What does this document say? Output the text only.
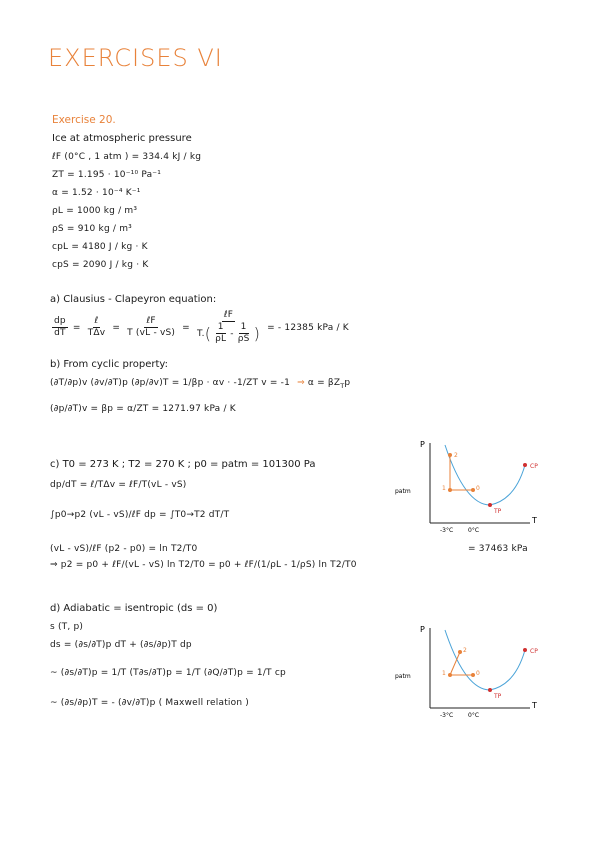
EXERCISES VI
Exercise 20.
Ice at atmospheric pressure
ℓF (0°C , 1 atm ) = 334.4 kJ / kg
ZT = 1.195 · 10⁻¹⁰ Pa⁻¹
α = 1.52 · 10⁻⁴ K⁻¹
ρL = 1000 kg / m³
ρS = 910 kg / m³
cpL = 4180 J / kg · K
cpS = 2090 J / kg · K
a) Clausius - Clapeyron equation:
$\frac{dp}{dT} = \frac{\text{ℓ}}{\text{TΔv}} = \frac{\text{ℓF}}{T (vL - vS)} = \frac{\text{ℓF}}{T.( \frac{1}{\rho L} - \frac{1}{\rho S} )}$ = - 12385 kPa / K
b) From cyclic property:
(∂T/∂p)v (∂v/∂T)p (∂p/∂v)T = 1/βp · αv · -1/ZT v = -1 ⇒ $\alpha = \beta Z_Tp$
(∂p/∂T)v = βp = α/ZT = 1271.97 kPa / K
c) T0 = 273 K ; T2 = 270 K ; p0 = patm = 101300 Pa
dp/dT = ℓ/TΔv = ℓF/T(vL - vS)
∫p0→p2 (vL - vS)/ℓF dp = ∫T0→T2 dT/T
(vL - vS)/ℓF (p2 - p0) = ln T2/T0
⇒ p2 = p0 + ℓF/(vL - vS) ln T2/T0 = p0 + ℓF/(1/ρL - 1/ρS) ln T2/T0
= 37463 kPa
d) Adiabatic = isentropic (ds = 0)
s (T, p)
ds = (∂s/∂T)p dT + (∂s/∂p)T dp
~ (∂s/∂T)p = 1/T (T∂s/∂T)p = 1/T (∂Q/∂T)p = 1/T cp
~ (∂s/∂p)T = - (∂v/∂T)p ( Maxwell relation )
P
T
patm	1
2
0
TP
CP
-3°C 0°C
P
T
patm	1
2
0
TP
CP
-3°C 0°C
